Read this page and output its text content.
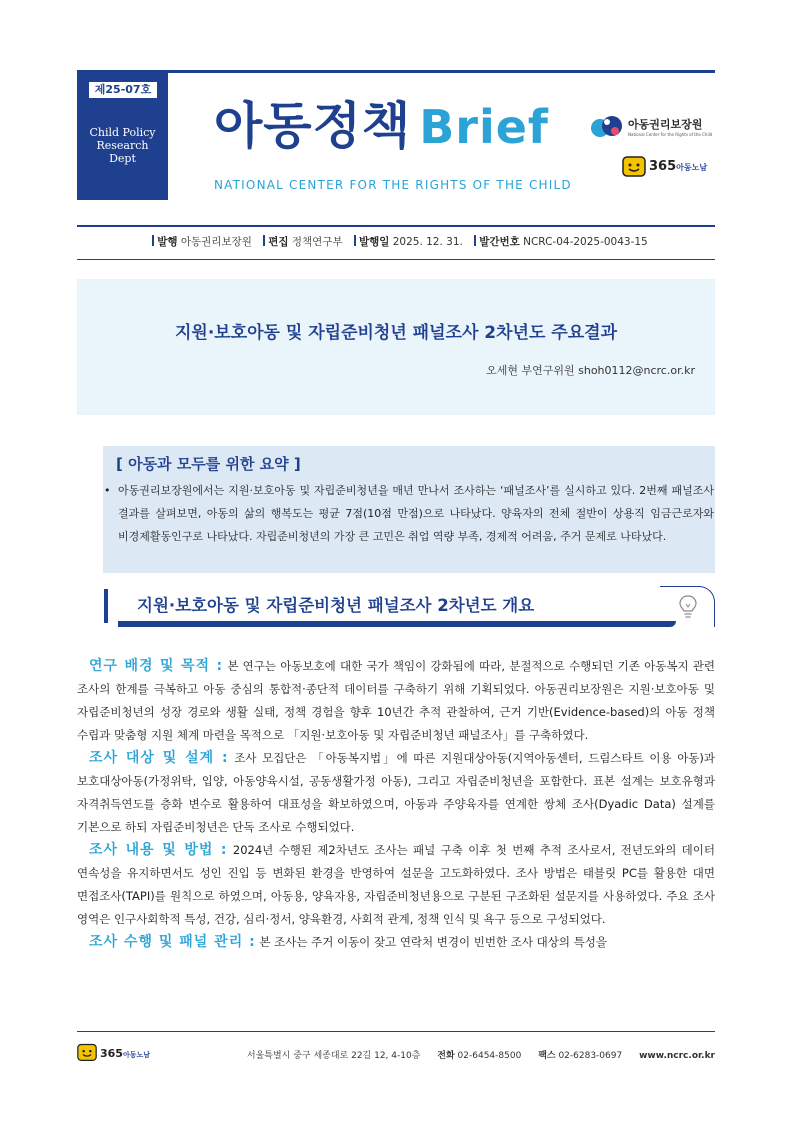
제25-07호
Child Policy
Research
Dept
아동정책 Brief
NATIONAL CENTER FOR THE RIGHTS OF THE CHILD
아동권리보장원
National Center for the Rights of the Child
365아동노남
발행 아동권리보장원 편집 정책연구부 발행일 2025. 12. 31. 발간번호 NCRC-04-2025-0043-15
지원·보호아동 및 자립준비청년 패널조사 2차년도 주요결과
오세현 부연구위원 shoh0112@ncrc.or.kr
[ 아동과 모두를 위한 요약 ]
• 아동권리보장원에서는 지원·보호아동 및 자립준비청년을 매년 만나서 조사하는 ‘패널조사’를 실시하고 있다. 2번째 패널조사 결과를 살펴보면, 아동의 삶의 행복도는 평균 7점(10점 만점)으로 나타났다. 양육자의 전체 절반이 상용직 임금근로자와 비경제활동인구로 나타났다. 자립준비청년의 가장 큰 고민은 취업 역량 부족, 경제적 어려움, 주거 문제로 나타났다.
지원·보호아동 및 자립준비청년 패널조사 2차년도 개요

연구 배경 및 목적 : 본 연구는 아동보호에 대한 국가 책임이 강화됨에 따라, 분절적으로 수행되던 기존 아동복지 관련 조사의 한계를 극복하고 아동 중심의 통합적·종단적 데이터를 구축하기 위해 기획되었다. 아동권리보장원은 지원·보호아동 및 자립준비청년의 성장 경로와 생활 실태, 정책 경험을 향후 10년간 추적 관찰하여, 근거 기반(Evidence-based)의 아동 정책 수립과 맞춤형 지원 체계 마련을 목적으로 「지원·보호아동 및 자립준비청년 패널조사」를 구축하였다.

조사 대상 및 설계 : 조사 모집단은 「아동복지법」에 따른 지원대상아동(지역아동센터, 드림스타트 이용 아동)과 보호대상아동(가정위탁, 입양, 아동양육시설, 공동생활가정 아동), 그리고 자립준비청년을 포함한다. 표본 설계는 보호유형과 자격취득연도를 층화 변수로 활용하여 대표성을 확보하였으며, 아동과 주양육자를 연계한 쌍체 조사(Dyadic Data) 설계를 기본으로 하되 자립준비청년은 단독 조사로 수행되었다.

조사 내용 및 방법 : 2024년 수행된 제2차년도 조사는 패널 구축 이후 첫 번째 추적 조사로서, 전년도와의 데이터 연속성을 유지하면서도 성인 진입 등 변화된 환경을 반영하여 설문을 고도화하였다. 조사 방법은 태블릿 PC를 활용한 대면 면접조사(TAPI)를 원칙으로 하였으며, 아동용, 양육자용, 자립준비청년용으로 구분된 구조화된 설문지를 사용하였다. 주요 조사 영역은 인구사회학적 특성, 건강, 심리·정서, 양육환경, 사회적 관계, 정책 인식 및 욕구 등으로 구성되었다.

조사 수행 및 패널 관리 : 본 조사는 주거 이동이 잦고 연락처 변경이 빈번한 조사 대상의 특성을

365아동노남	서울특별시 중구 세종대로 22길 12, 4-10층 전화 02-6454-8500 팩스 02-6283-0697 www.ncrc.or.kr
